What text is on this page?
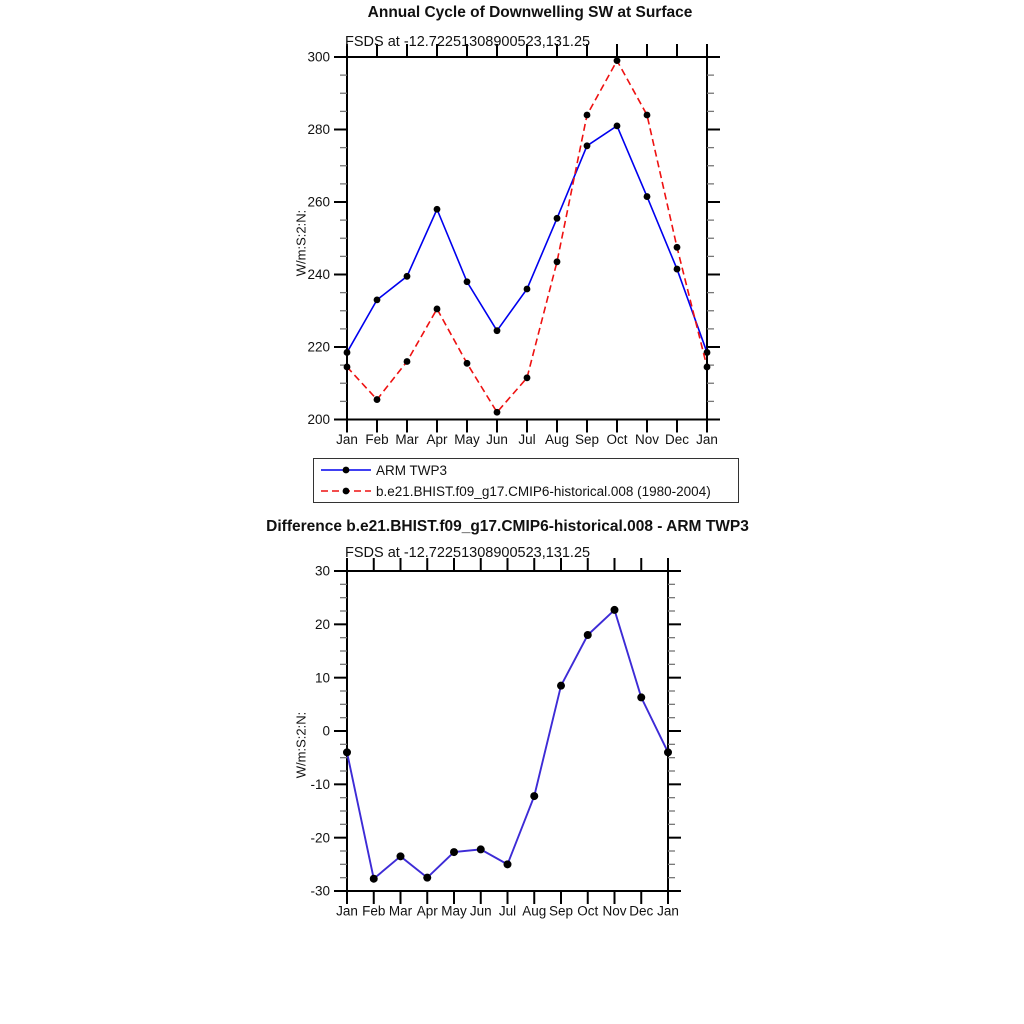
Jan Feb Mar Apr May Jun Jul Aug Sep Oct Nov Dec Jan
200
220
240
260
280
300
Jan Feb Mar Apr May Jun Jul Aug Sep Oct Nov Dec Jan
-30
-20
-10
0
10
20
30
Annual Cycle of Downwelling SW at Surface
FSDS at -12.72251308900523,131.25
W/m:S:2:N:
ARM TWP3
b.e21.BHIST.f09_g17.CMIP6-historical.008 (1980-2004)
Difference b.e21.BHIST.f09_g17.CMIP6-historical.008 - ARM TWP3
FSDS at -12.72251308900523,131.25
W/m:S:2:N:
